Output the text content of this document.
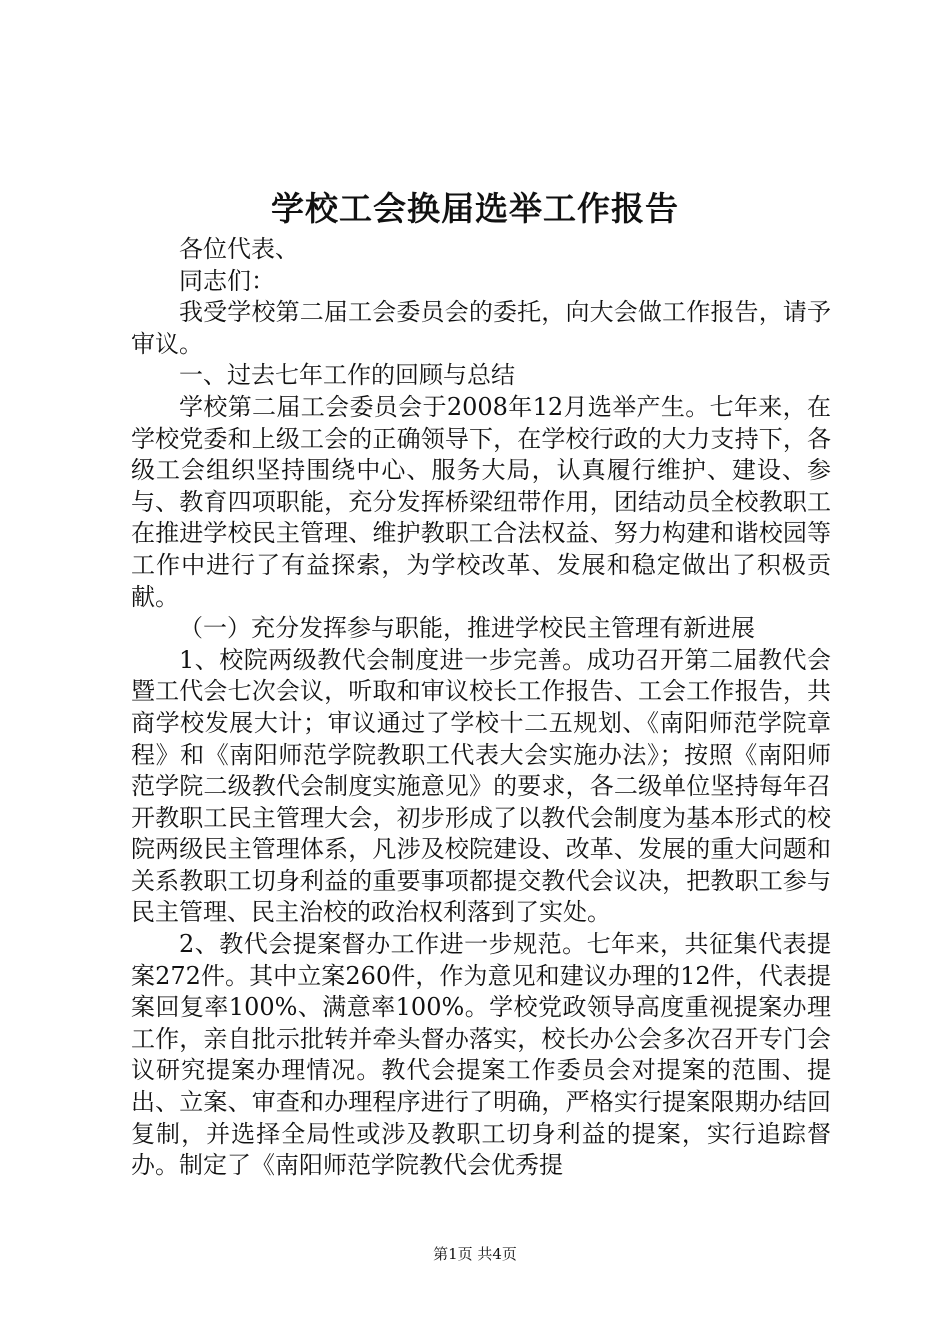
学校工会换届选举工作报告

各位代表、

同志们：

我受学校第二届工会委员会的委托，向大会做工作报告，请予审议。

一、过去七年工作的回顾与总结

学校第二届工会委员会于2008年12月选举产生。七年来，在学校党委和上级工会的正确领导下，在学校行政的大力支持下，各级工会组织坚持围绕中心、服务大局，认真履行维护、建设、参与、教育四项职能，充分发挥桥梁纽带作用，团结动员全校教职工在推进学校民主管理、维护教职工合法权益、努力构建和谐校园等工作中进行了有益探索，为学校改革、发展和稳定做出了积极贡献。

（一）充分发挥参与职能，推进学校民主管理有新进展

1、校院两级教代会制度进一步完善。成功召开第二届教代会暨工代会七次会议，听取和审议校长工作报告、工会工作报告，共商学校发展大计；审议通过了学校十二五规划、《南阳师范学院章程》和《南阳师范学院教职工代表大会实施办法》；按照《南阳师范学院二级教代会制度实施意见》的要求，各二级单位坚持每年召开教职工民主管理大会，初步形成了以教代会制度为基本形式的校院两级民主管理体系，凡涉及校院建设、改革、发展的重大问题和关系教职工切身利益的重要事项都提交教代会议决，把教职工参与民主管理、民主治校的政治权利落到了实处。

2、教代会提案督办工作进一步规范。七年来，共征集代表提案272件。其中立案260件，作为意见和建议办理的12件，代表提案回复率100%、满意率100%。学校党政领导高度重视提案办理工作，亲自批示批转并牵头督办落实，校长办公会多次召开专门会议研究提案办理情况。教代会提案工作委员会对提案的范围、提出、立案、审查和办理程序进行了明确，严格实行提案限期办结回复制，并选择全局性或涉及教职工切身利益的提案，实行追踪督办。制定了《南阳师范学院教代会优秀提

第1页 共4页
